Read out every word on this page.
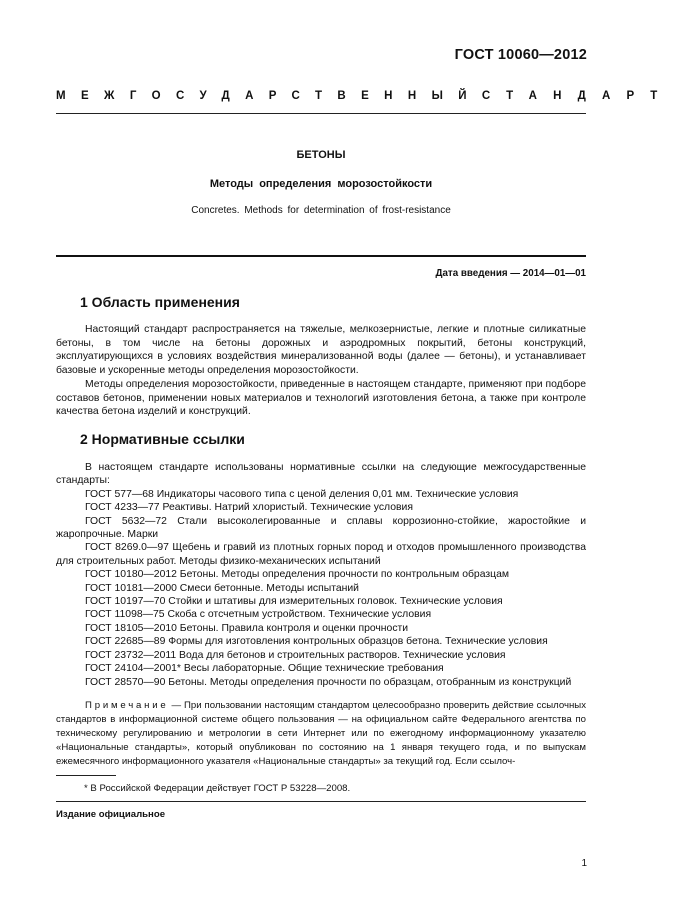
ГОСТ 10060—2012
МЕЖГОСУДАРСТВЕННЫЙ СТАНДАРТ
БЕТОНЫ
Методы определения морозостойкости
Concretes. Methods for determination of frost-resistance
Дата введения — 2014—01—01
1 Область применения

Настоящий стандарт распространяется на тяжелые, мелкозернистые, легкие и плотные силикатные бетоны, в том числе на бетоны дорожных и аэродромных покрытий, бетоны конструкций, эксплуатирующихся в условиях воздействия минерализованной воды (далее — бетоны), и устанавливает базовые и ускоренные методы определения морозостойкости.

Методы определения морозостойкости, приведенные в настоящем стандарте, применяют при подборе составов бетонов, применении новых материалов и технологий изготовления бетона, а также при контроле качества бетона изделий и конструкций.

2 Нормативные ссылки

В настоящем стандарте использованы нормативные ссылки на следующие межгосударственные стандарты:

ГОСТ 577—68 Индикаторы часового типа с ценой деления 0,01 мм. Технические условия

ГОСТ 4233—77 Реактивы. Натрий хлористый. Технические условия

ГОСТ 5632—72 Стали высоколегированные и сплавы коррозионно-стойкие, жаростойкие и жаропрочные. Марки

ГОСТ 8269.0—97 Щебень и гравий из плотных горных пород и отходов промышленного производства для строительных работ. Методы физико-механических испытаний

ГОСТ 10180—2012 Бетоны. Методы определения прочности по контрольным образцам

ГОСТ 10181—2000 Смеси бетонные. Методы испытаний

ГОСТ 10197—70 Стойки и штативы для измерительных головок. Технические условия

ГОСТ 11098—75 Скоба с отсчетным устройством. Технические условия

ГОСТ 18105—2010 Бетоны. Правила контроля и оценки прочности

ГОСТ 22685—89 Формы для изготовления контрольных образцов бетона. Технические условия

ГОСТ 23732—2011 Вода для бетонов и строительных растворов. Технические условия

ГОСТ 24104—2001* Весы лабораторные. Общие технические требования

ГОСТ 28570—90 Бетоны. Методы определения прочности по образцам, отобранным из конструкций

Примечание — При пользовании настоящим стандартом целесообразно проверить действие ссылочных стандартов в информационной системе общего пользования — на официальном сайте Федерального агентства по техническому регулированию и метрологии в сети Интернет или по ежегодному информационному указателю «Национальные стандарты», который опубликован по состоянию на 1 января текущего года, и по выпускам ежемесячного информационного указателя «Национальные стандарты» за текущий год. Если ссылоч-

* В Российской Федерации действует ГОСТ Р 53228—2008.
Издание официальное
1
